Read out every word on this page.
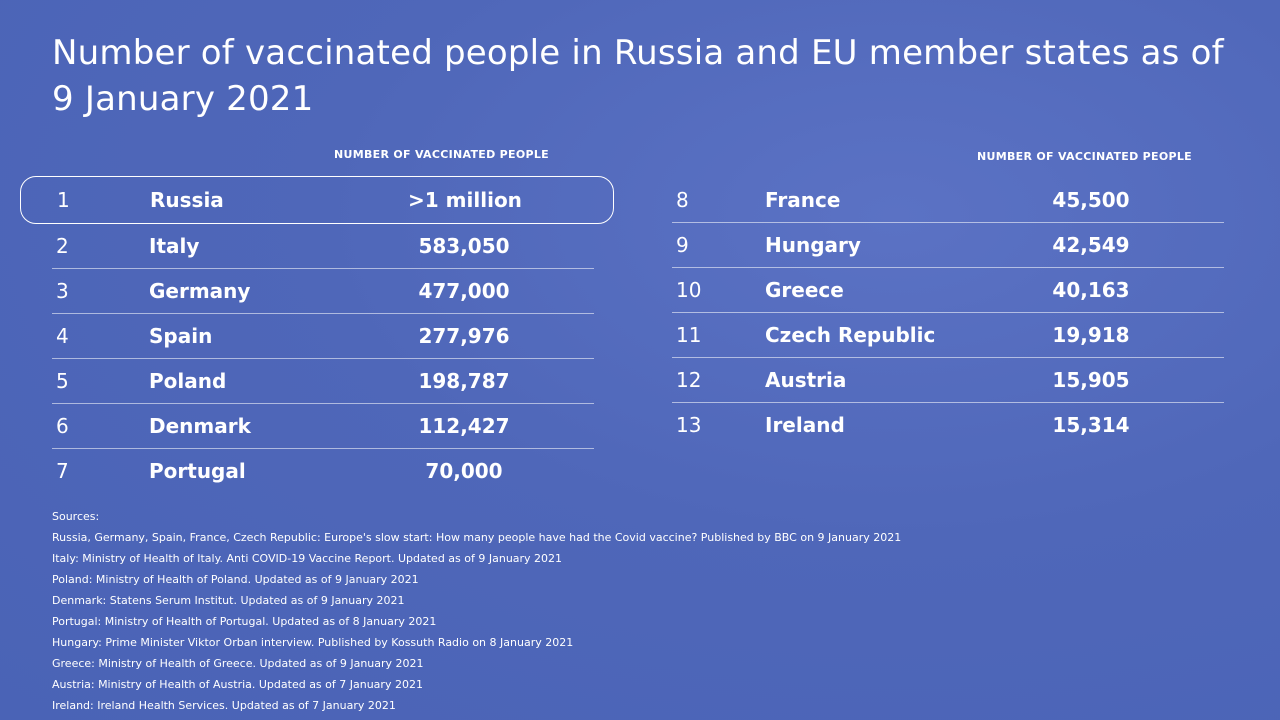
Number of vaccinated people in Russia and EU member states as of 9 January 2021
NUMBER OF VACCINATED PEOPLE	NUMBER OF VACCINATED PEOPLE
1	Russia	>1 million
2	Italy	583,050
3	Germany	477,000
4	Spain	277,976
5	Poland	198,787
6	Denmark	112,427
7	Portugal	70,000
8	France	45,500
9	Hungary	42,549
10	Greece	40,163
11	Czech Republic	19,918
12	Austria	15,905
13	Ireland	15,314
Sources:
Russia, Germany, Spain, France, Czech Republic: Europe's slow start: How many people have had the Covid vaccine? Published by BBC on 9 January 2021
Italy: Ministry of Health of Italy. Anti COVID-19 Vaccine Report. Updated as of 9 January 2021
Poland: Ministry of Health of Poland. Updated as of 9 January 2021
Denmark: Statens Serum Institut. Updated as of 9 January 2021
Portugal: Ministry of Health of Portugal. Updated as of 8 January 2021
Hungary: Prime Minister Viktor Orban interview. Published by Kossuth Radio on 8 January 2021
Greece: Ministry of Health of Greece. Updated as of 9 January 2021
Austria: Ministry of Health of Austria. Updated as of 7 January 2021
Ireland: Ireland Health Services. Updated as of 7 January 2021
